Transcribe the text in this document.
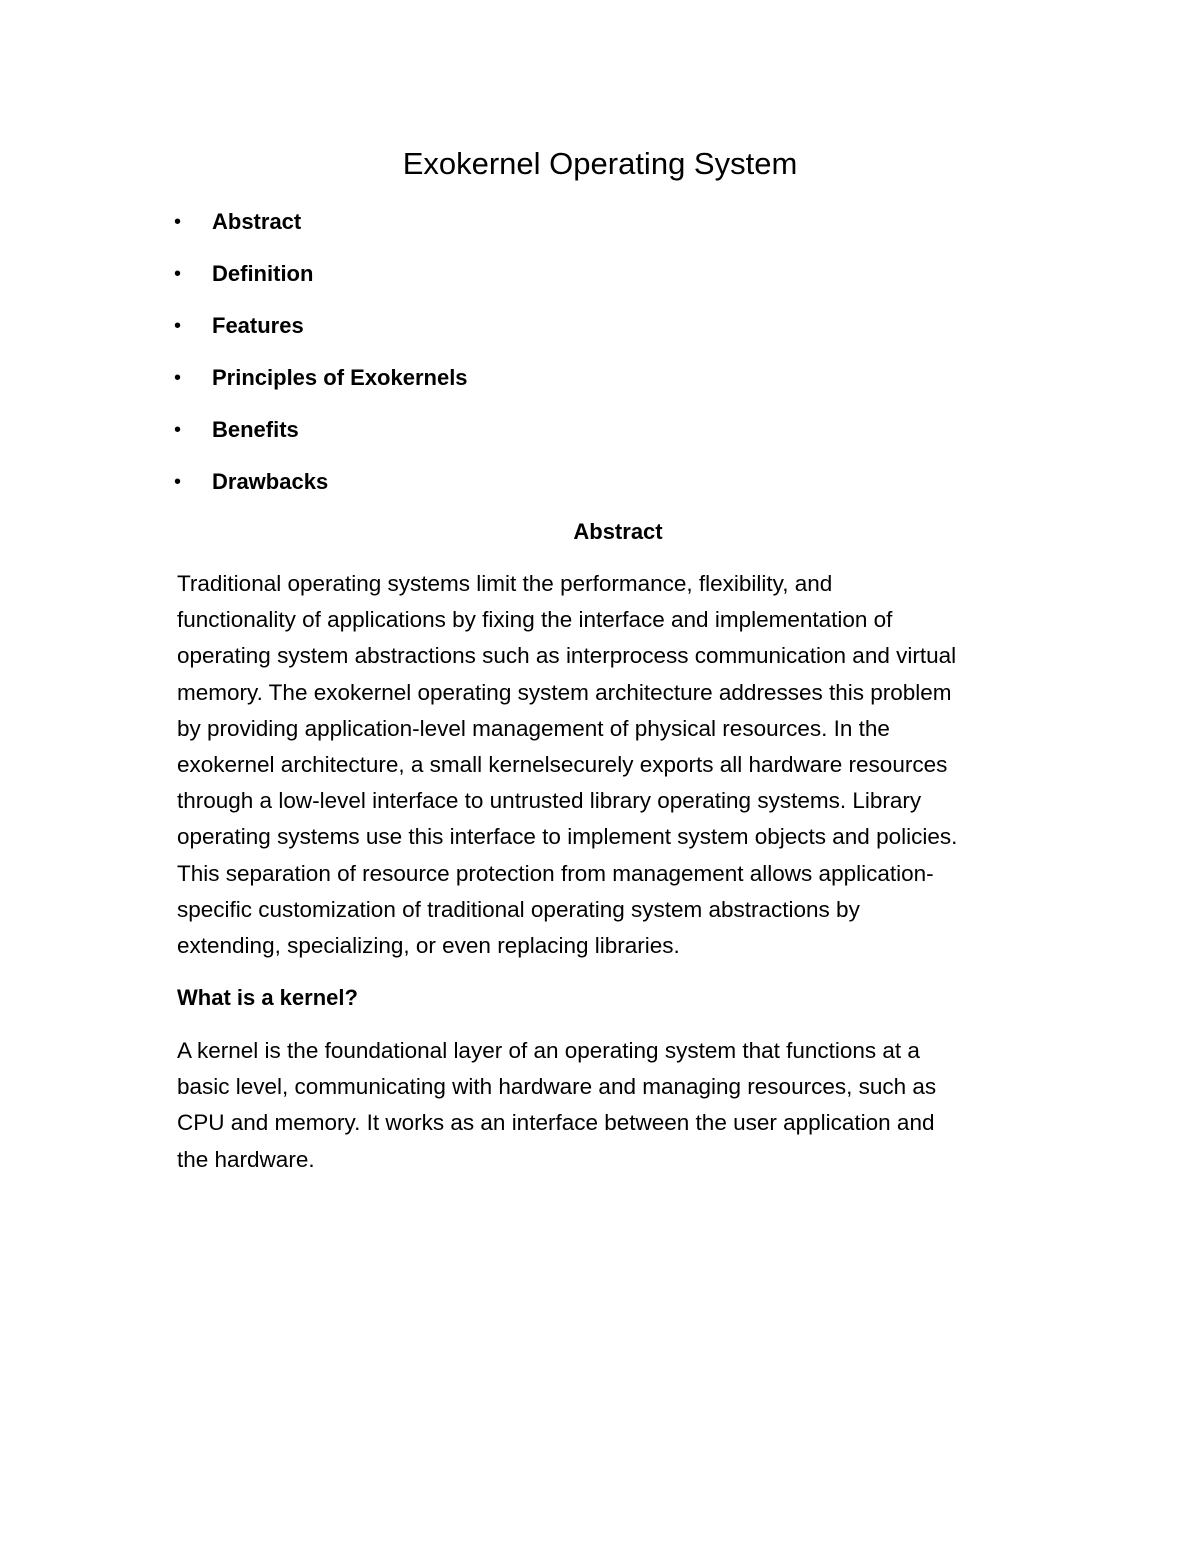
Exokernel Operating System
• Abstract
• Definition
• Features
• Principles of Exokernels
• Benefits
• Drawbacks
Abstract

Traditional operating systems limit the performance, flexibility, and
functionality of applications by fixing the interface and implementation of
operating system abstractions such as interprocess communication and virtual
memory. The exokernel operating system architecture addresses this problem
by providing application-level management of physical resources. In the
exokernel architecture, a small kernelsecurely exports all hardware resources
through a low-level interface to untrusted library operating systems. Library
operating systems use this interface to implement system objects and policies.
This separation of resource protection from management allows application-
specific customization of traditional operating system abstractions by
extending, specializing, or even replacing libraries.

What is a kernel?

A kernel is the foundational layer of an operating system that functions at a
basic level, communicating with hardware and managing resources, such as
CPU and memory. It works as an interface between the user application and
the hardware.
